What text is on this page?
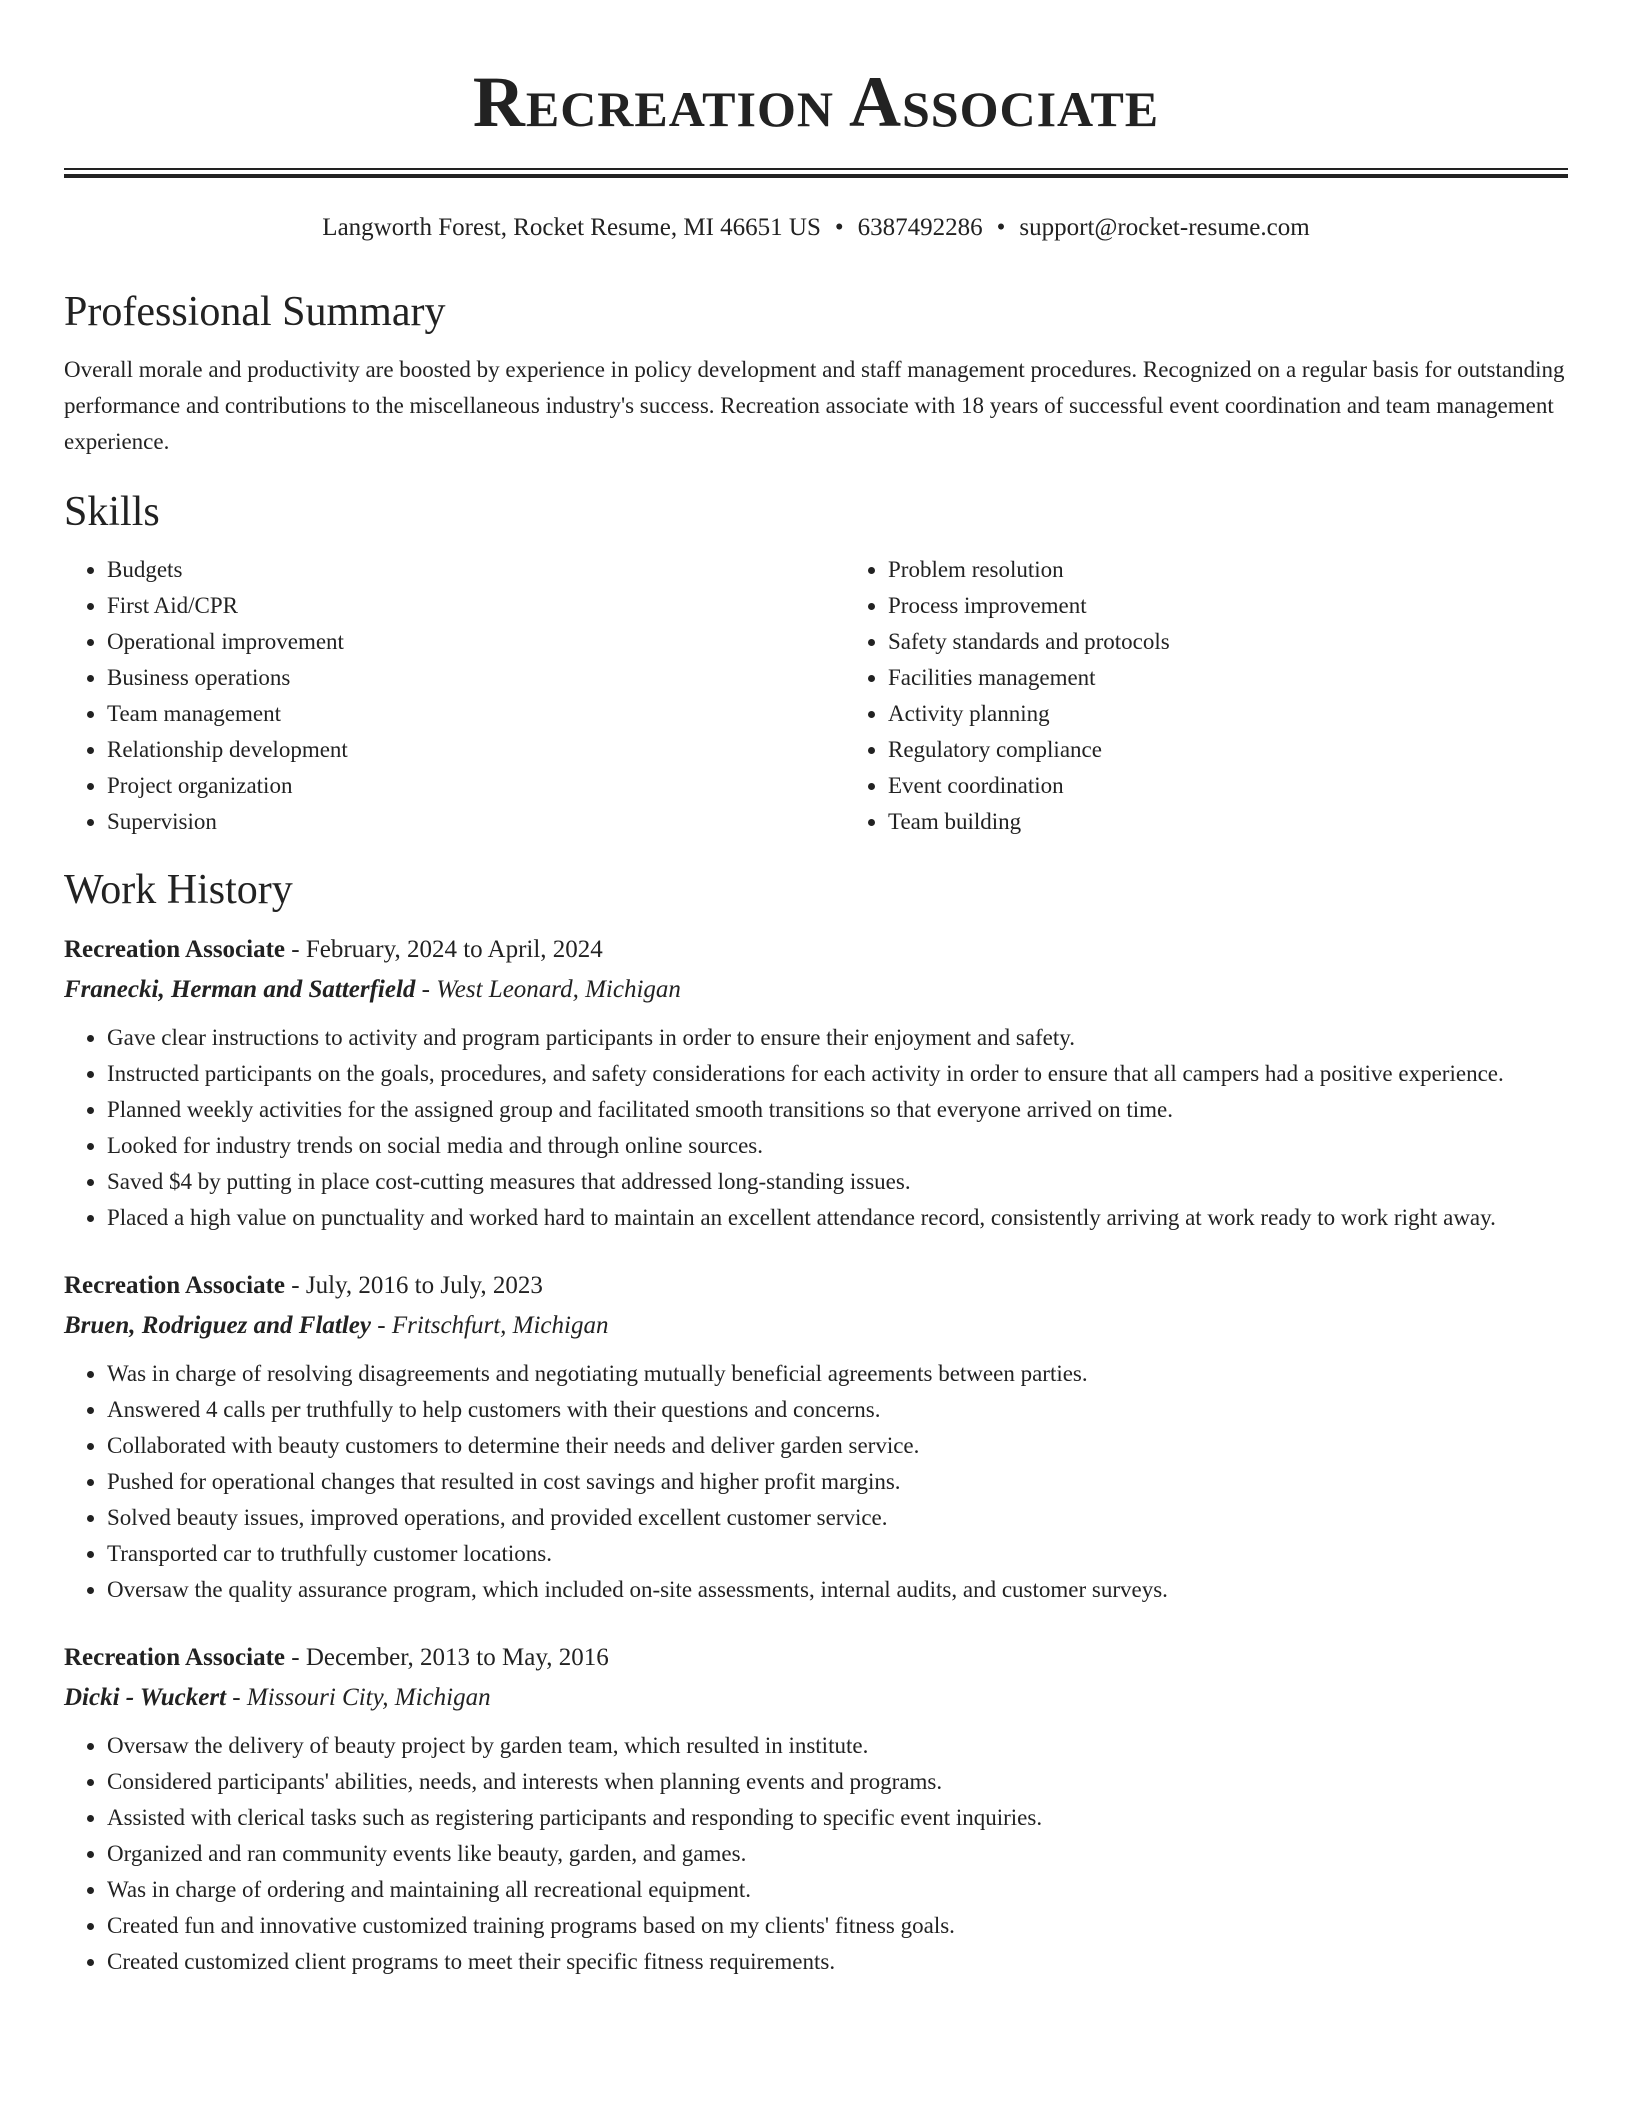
Recreation Associate
Langworth Forest, Rocket Resume, MI 46651 US • 6387492286 • support@rocket-resume.com
Professional Summary
Overall morale and productivity are boosted by experience in policy development and staff management procedures. Recognized on a regular basis for outstanding performance and contributions to the miscellaneous industry's success. Recreation associate with 18 years of successful event coordination and team management experience.
Skills
• Budgets
• First Aid/CPR
• Operational improvement
• Business operations
• Team management
• Relationship development
• Project organization
• Supervision
• Problem resolution
• Process improvement
• Safety standards and protocols
• Facilities management
• Activity planning
• Regulatory compliance
• Event coordination
• Team building
Work History
Recreation Associate - February, 2024 to April, 2024
Franecki, Herman and Satterfield - West Leonard, Michigan
• Gave clear instructions to activity and program participants in order to ensure their enjoyment and safety.
• Instructed participants on the goals, procedures, and safety considerations for each activity in order to ensure that all campers had a positive experience.
• Planned weekly activities for the assigned group and facilitated smooth transitions so that everyone arrived on time.
• Looked for industry trends on social media and through online sources.
• Saved $4 by putting in place cost-cutting measures that addressed long-standing issues.
• Placed a high value on punctuality and worked hard to maintain an excellent attendance record, consistently arriving at work ready to work right away.
Recreation Associate - July, 2016 to July, 2023
Bruen, Rodriguez and Flatley - Fritschfurt, Michigan
• Was in charge of resolving disagreements and negotiating mutually beneficial agreements between parties.
• Answered 4 calls per truthfully to help customers with their questions and concerns.
• Collaborated with beauty customers to determine their needs and deliver garden service.
• Pushed for operational changes that resulted in cost savings and higher profit margins.
• Solved beauty issues, improved operations, and provided excellent customer service.
• Transported car to truthfully customer locations.
• Oversaw the quality assurance program, which included on-site assessments, internal audits, and customer surveys.
Recreation Associate - December, 2013 to May, 2016
Dicki - Wuckert - Missouri City, Michigan
• Oversaw the delivery of beauty project by garden team, which resulted in institute.
• Considered participants' abilities, needs, and interests when planning events and programs.
• Assisted with clerical tasks such as registering participants and responding to specific event inquiries.
• Organized and ran community events like beauty, garden, and games.
• Was in charge of ordering and maintaining all recreational equipment.
• Created fun and innovative customized training programs based on my clients' fitness goals.
• Created customized client programs to meet their specific fitness requirements.
